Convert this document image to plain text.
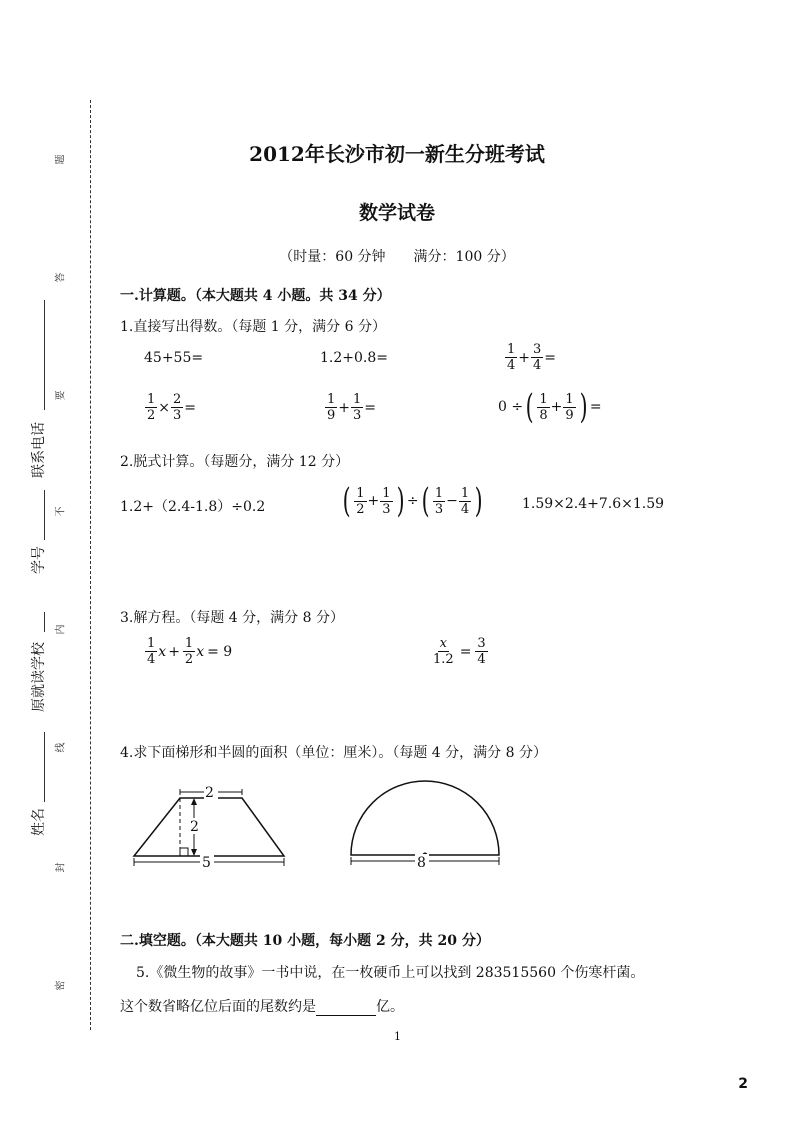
题
答
要
不
内
线
封
密
联系电话
学号
原就读学校
姓名
2012年长沙市初一新生分班考试
数学试卷
（时量：60 分钟　　满分：100 分）
一.计算题。（本大题共 4 小题。共 34 分）
1.直接写出得数。（每题 1 分，满分 6 分）
45+55=	1.2+0.8=	$\frac{1}{4} + \frac{3}{4}$ =
$\frac{1}{2} \times \frac{2}{3}$ =	$\frac{1}{9} + \frac{1}{3}$ =	0 ÷ ( $\frac{1}{8} + \frac{1}{9}$ ) =
2.脱式计算。（每题分，满分 12 分）
1.2+（2.4-1.8）÷0.2 ( $\frac{1}{2} + \frac{1}{3}$ ) ÷ ( $\frac{1}{3} - \frac{1}{4}$ )	1.59×2.4+7.6×1.59
3.解方程。（每题 4 分，满分 8 分）
$\frac{1}{4}$ $x + \frac{1}{2}$ x = 9	$\frac{x}{1.2} = \frac{3}{4}$
4.求下面梯形和半圆的面积（单位：厘米）。（每题 4 分，满分 8 分）
2
2
5	8
二.填空题。（本大题共 10 小题，每小题 2 分，共 20 分）
5.《微生物的故事》一书中说，在一枚硬币上可以找到 283515560 个伤寒杆菌。
这个数省略亿位后面的尾数约是	亿。
1
2
